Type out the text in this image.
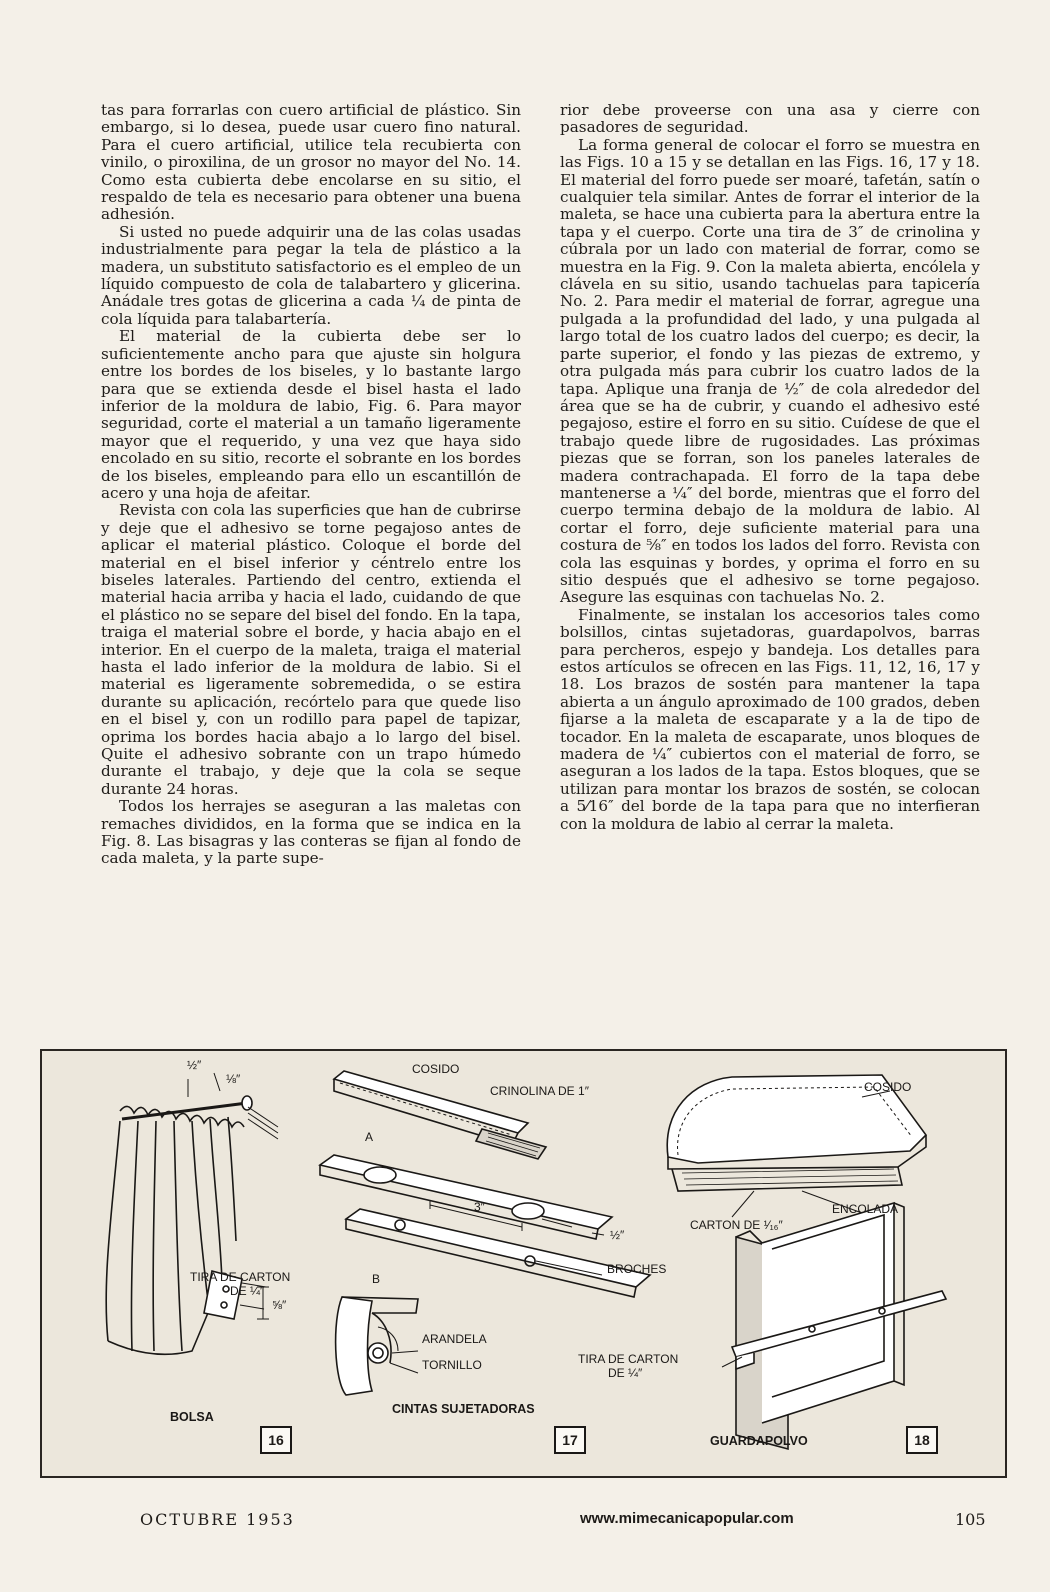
tas para forrarlas con cuero artificial de plástico. Sin embargo, si lo desea, puede usar cuero fino natural. Para el cuero artificial, utilice tela recubierta con vinilo, o piroxilina, de un grosor no mayor del No. 14. Como esta cubierta debe encolarse en su sitio, el respaldo de tela es necesario para obtener una buena adhesión.

Si usted no puede adquirir una de las colas usadas industrialmente para pegar la tela de plástico a la madera, un substituto satisfactorio es el empleo de un líquido compuesto de cola de talabartero y glicerina. Anádale tres gotas de glicerina a cada ¼ de pinta de cola líquida para talabartería.

El material de la cubierta debe ser lo suficientemente ancho para que ajuste sin holgura entre los bordes de los biseles, y lo bastante largo para que se extienda desde el bisel hasta el lado inferior de la moldura de labio, Fig. 6. Para mayor seguridad, corte el material a un tamaño ligeramente mayor que el requerido, y una vez que haya sido encolado en su sitio, recorte el sobrante en los bordes de los biseles, empleando para ello un escantillón de acero y una hoja de afeitar.

Revista con cola las superficies que han de cubrirse y deje que el adhesivo se torne pegajoso antes de aplicar el material plástico. Coloque el borde del material en el bisel inferior y céntrelo entre los biseles laterales. Partiendo del centro, extienda el material hacia arriba y hacia el lado, cuidando de que el plástico no se separe del bisel del fondo. En la tapa, traiga el material sobre el borde, y hacia abajo en el interior. En el cuerpo de la maleta, traiga el material hasta el lado inferior de la moldura de labio. Si el material es ligeramente sobremedida, o se estira durante su aplicación, recórtelo para que quede liso en el bisel y, con un rodillo para papel de tapizar, oprima los bordes hacia abajo a lo largo del bisel. Quite el adhesivo sobrante con un trapo húmedo durante el trabajo, y deje que la cola se seque durante 24 horas.

Todos los herrajes se aseguran a las maletas con remaches divididos, en la forma que se indica en la Fig. 8. Las bisagras y las conteras se fijan al fondo de cada maleta, y la parte supe-

rior debe proveerse con una asa y cierre con pasadores de seguridad.

La forma general de colocar el forro se muestra en las Figs. 10 a 15 y se detallan en las Figs. 16, 17 y 18. El material del forro puede ser moaré, tafetán, satín o cualquier tela similar. Antes de forrar el interior de la maleta, se hace una cubierta para la abertura entre la tapa y el cuerpo. Corte una tira de 3″ de crinolina y cúbrala por un lado con material de forrar, como se muestra en la Fig. 9. Con la maleta abierta, encólela y clávela en su sitio, usando tachuelas para tapicería No. 2. Para medir el material de forrar, agregue una pulgada a la profundidad del lado, y una pulgada al largo total de los cuatro lados del cuerpo; es decir, la parte superior, el fondo y las piezas de extremo, y otra pulgada más para cubrir los cuatro lados de la tapa. Aplique una franja de ½″ de cola alrededor del área que se ha de cubrir, y cuando el adhesivo esté pegajoso, estire el forro en su sitio. Cuídese de que el trabajo quede libre de rugosidades. Las próximas piezas que se forran, son los paneles laterales de madera contrachapada. El forro de la tapa debe mantenerse a ¼″ del borde, mientras que el forro del cuerpo termina debajo de la moldura de labio. Al cortar el forro, deje suficiente material para una costura de ⅝″ en todos los lados del forro. Revista con cola las esquinas y bordes, y oprima el forro en su sitio después que el adhesivo se torne pegajoso. Asegure las esquinas con tachuelas No. 2.

Finalmente, se instalan los accesorios tales como bolsillos, cintas sujetadoras, guardapolvos, barras para percheros, espejo y bandeja. Los detalles para estos artículos se ofrecen en las Figs. 11, 12, 16, 17 y 18. Los brazos de sostén para mantener la tapa abierta a un ángulo aproximado de 100 grados, deben fijarse a la maleta de escaparate y a la de tipo de tocador. En la maleta de escaparate, unos bloques de madera de ¼″ cubiertos con el material de forro, se aseguran a los lados de la tapa. Estos bloques, que se utilizan para montar los brazos de sostén, se colocan a 5⁄16″ del borde de la tapa para que no interfieran con la moldura de labio al cerrar la maleta.

½″
⅛″
TIRA DE CARTON
DE ¼″
⅝″
BOLSA
COSIDO
CRINOLINA DE 1″
A
3″
½″
BROCHES
B
ARANDELA
TORNILLO
CINTAS SUJETADORAS
COSIDO
ENCOLADA
CARTON DE ¹⁄₁₆″
TIRA DE CARTON
DE ¼″
GUARDAPOLVO
16	17	18
OCTUBRE 1953	www.mimecanicapopular.com	105
